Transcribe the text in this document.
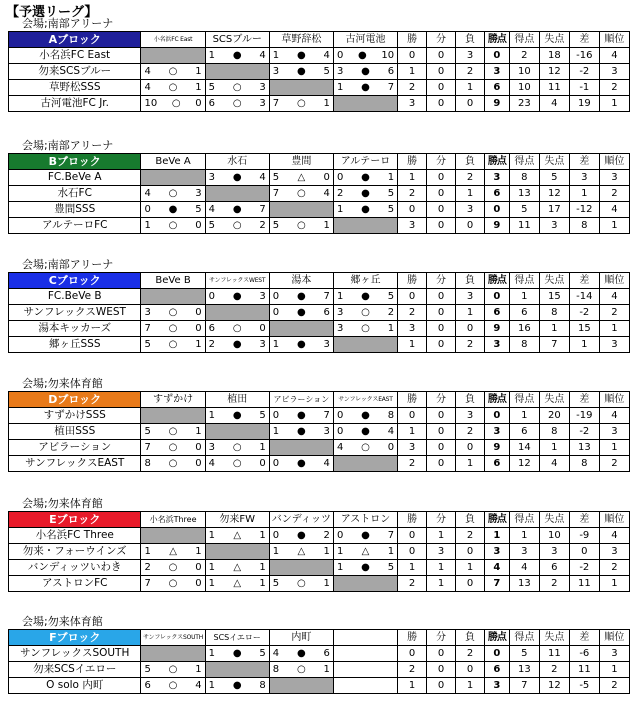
【予選リーグ】
会場;南部アリーナ
Aブロック	小名浜FC East	SCSブルー	草野辞松	古河電池	勝	分	負	勝点	得点	失点	差	順位
小名浜FC East		1 ● 4	1 ● 4	0 ● 10	0	0	3	0	2	18	-16	4
勿来SCSブルー	4 ○ 1		3 ● 5	3 ● 6	1	0	2	3	10	12	-2	3
草野松SSS	4 ○ 1	5 ○ 3		1 ● 7	2	0	1	6	10	11	-1	2
古河電池FC Jr.	10 ○ 0	6 ○ 3	7 ○ 1		3	0	0	9	23	4	19	1
会場;南部アリーナ
Bブロック	BeVe A	水石	豊間	アルテーロ	勝	分	負	勝点	得点	失点	差	順位
FC.BeVe A		3 ● 4	5 △ 0	0 ● 1	1	0	2	3	8	5	3	3
水石FC	4 ○ 3		7 ○ 4	2 ● 5	2	0	1	6	13	12	1	2
豊間SSS	0 ● 5	4 ● 7		1 ● 5	0	0	3	0	5	17	-12	4
アルテーロFC	1 ○ 0	5 ○ 2	5 ○ 1		3	0	0	9	11	3	8	1
会場;南部アリーナ
Cブロック	BeVe B	サンフレックスWEST	湯本	郷ヶ丘	勝	分	負	勝点	得点	失点	差	順位
FC.BeVe B		0 ● 3	0 ● 7	1 ● 5	0	0	3	0	1	15	-14	4
サンフレックスWEST	3 ○ 0		0 ● 6	3 ○ 2	2	0	1	6	6	8	-2	2
湯本キッカーズ	7 ○ 0	6 ○ 0		3 ○ 1	3	0	0	9	16	1	15	1
郷ヶ丘SSS	5 ○ 1	2 ● 3	1 ● 3		1	0	2	3	8	7	1	3
会場;勿来体育館
Dブロック	すずかけ	植田	アビラーション	サンフレックスEAST	勝	分	負	勝点	得点	失点	差	順位
すずかけSSS		1 ● 5	0 ● 7	0 ● 8	0	0	3	0	1	20	-19	4
植田SSS	5 ○ 1		1 ● 3	0 ● 4	1	0	2	3	6	8	-2	3
アビラーション	7 ○ 0	3 ○ 1		4 ○ 0	3	0	0	9	14	1	13	1
サンフレックスEAST	8 ○ 0	4 ○ 0	0 ● 4		2	0	1	6	12	4	8	2
会場;勿来体育館
Eブロック	小名浜Three	勿来FW	バンディッツ	アストロン	勝	分	負	勝点	得点	失点	差	順位
小名浜FC Three		1 △ 1	0 ● 2	0 ● 7	0	1	2	1	1	10	-9	4
勿来・フォーウインズ	1 △ 1		1 △ 1	1 △ 1	0	3	0	3	3	3	0	3
バンディッツいわき	2 ○ 0	1 △ 1		1 ● 5	1	1	1	4	4	6	-2	2
アストロンFC	7 ○ 0	1 △ 1	5 ○ 1		2	1	0	7	13	2	11	1
会場;勿来体育館
Fブロック	サンフレックスSOUTH	SCSイエロー	内町		勝	分	負	勝点	得点	失点	差	順位
サンフレックスSOUTH		1 ● 5	4 ● 6		0	0	2	0	5	11	-6	3
勿来SCSイエロー	5 ○ 1		8 ○ 1		2	0	0	6	13	2	11	1
O solo 内町	6 ○ 4	1 ● 8			1	0	1	3	7	12	-5	2
